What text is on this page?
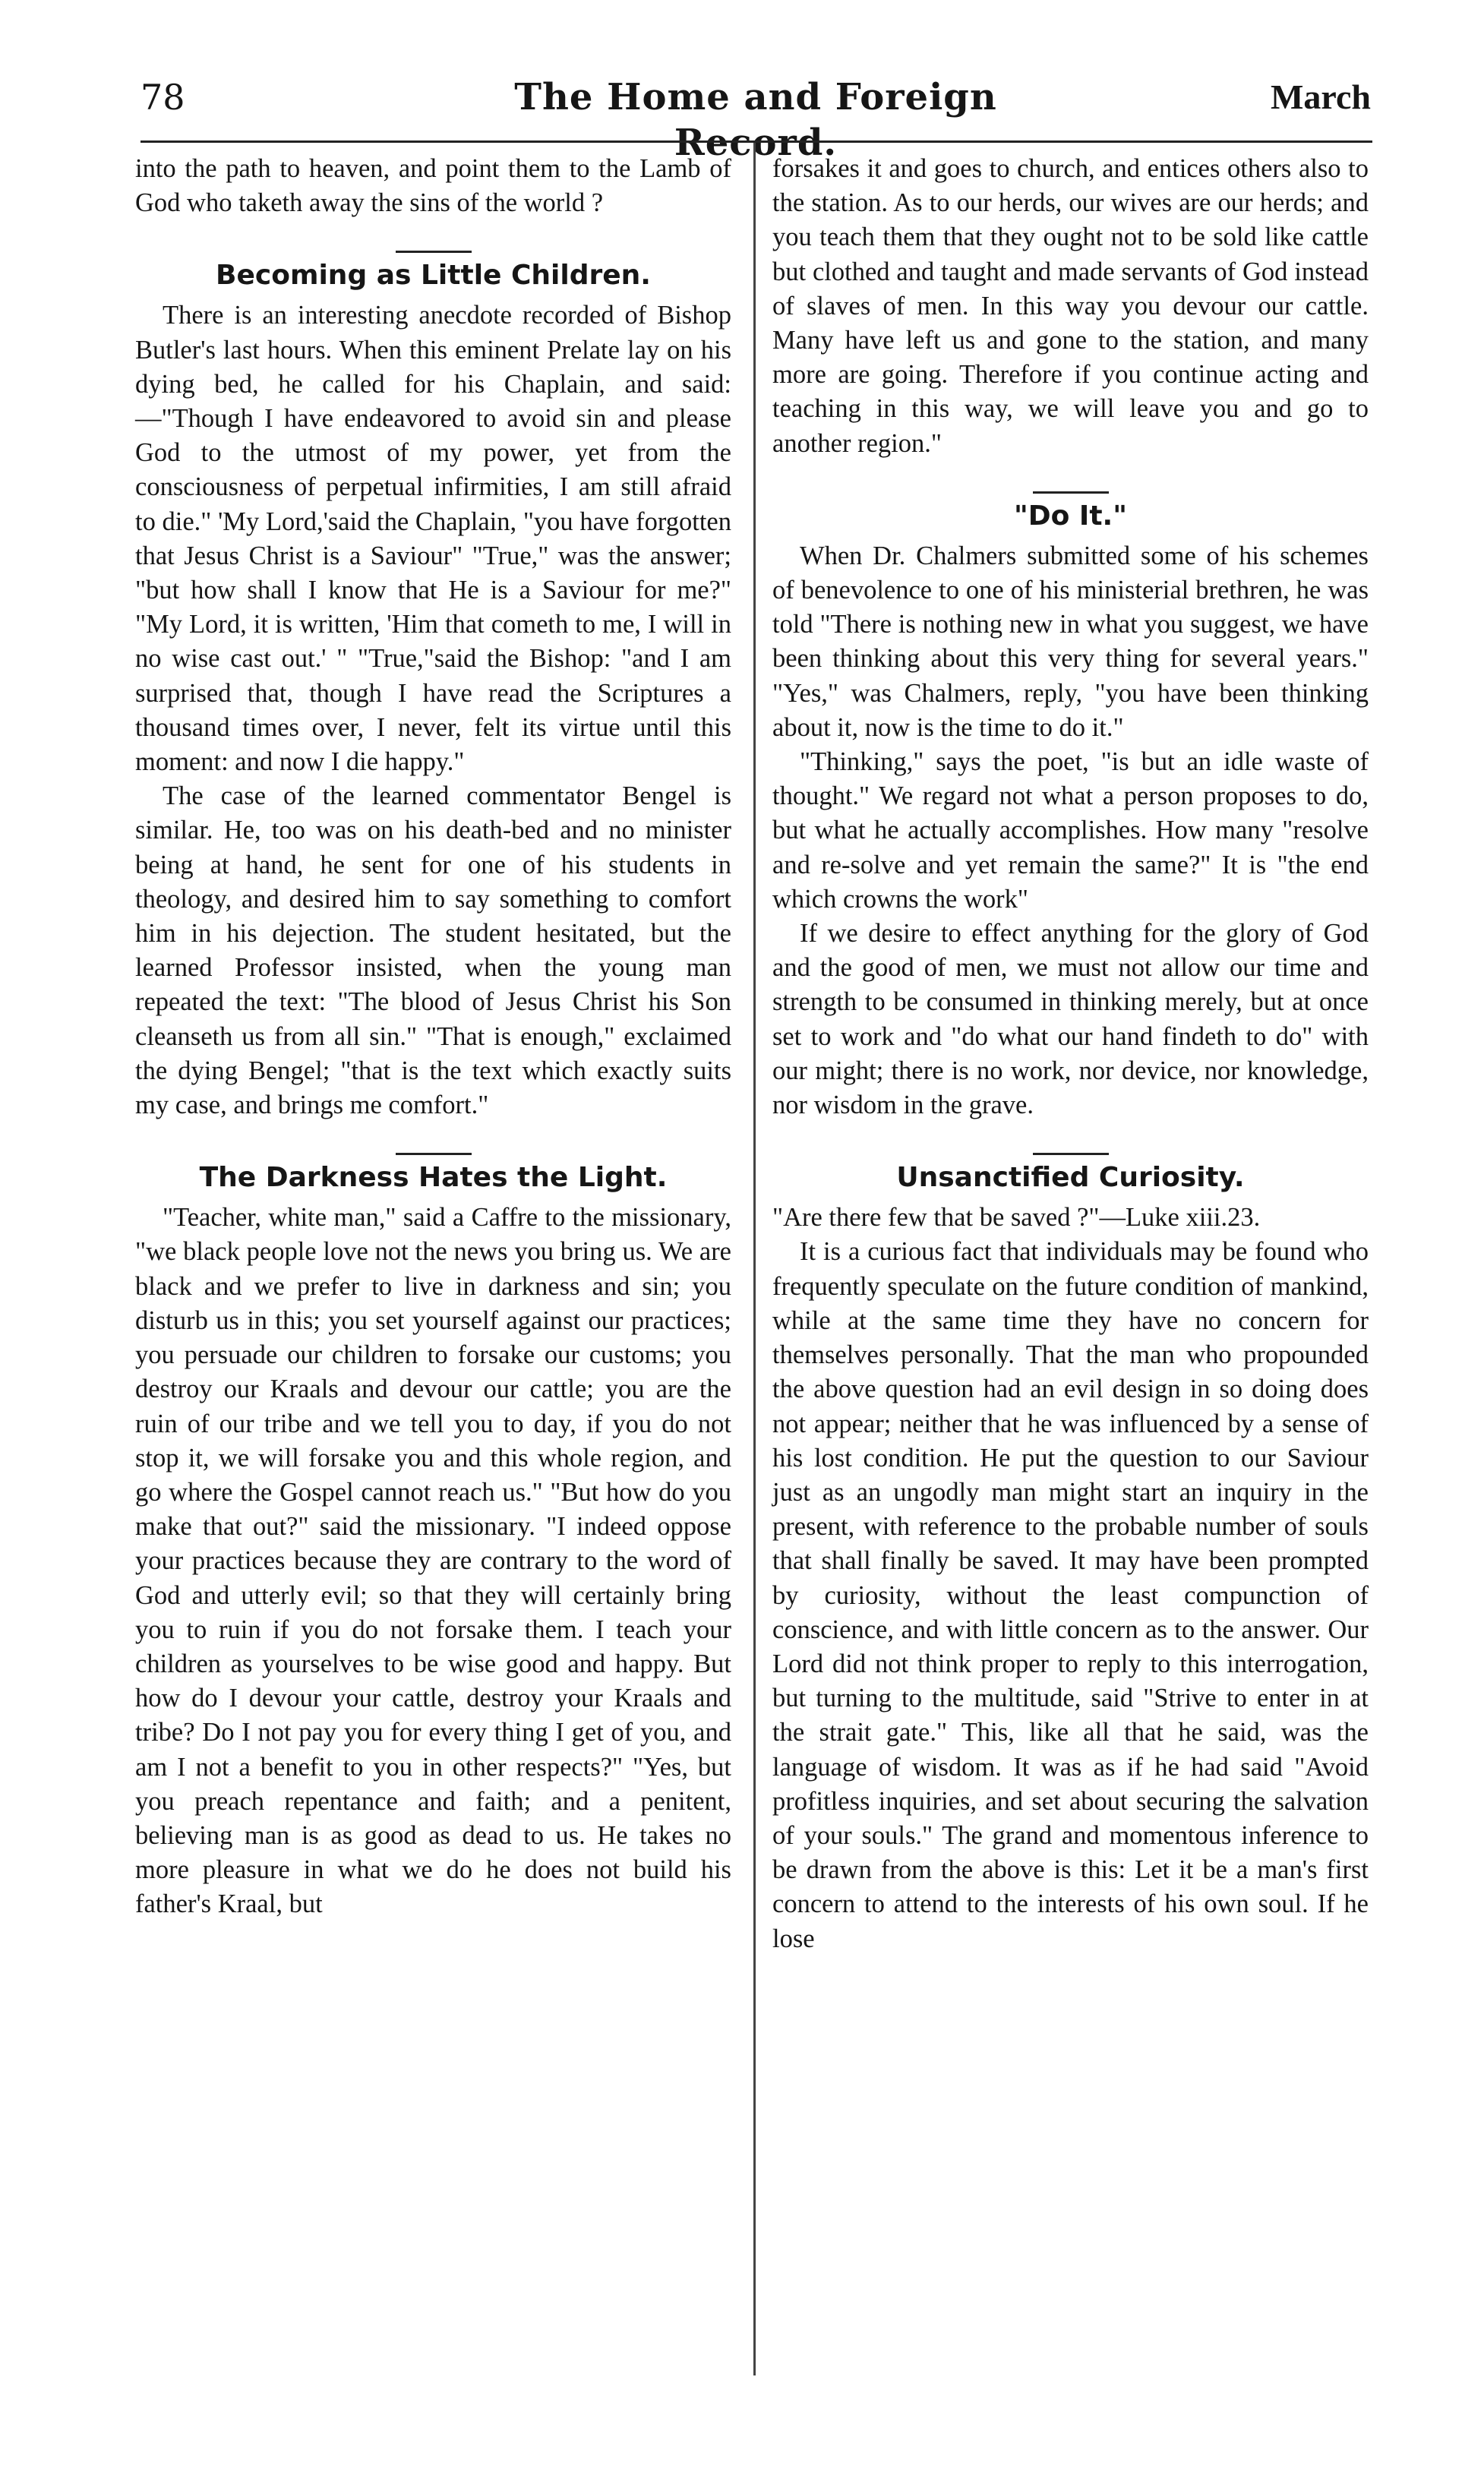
78	The Home and Foreign Record.
March

into the path to heaven, and point them to the Lamb of God who taketh away the sins of the world ?

Becoming as Little Children.

There is an interesting anecdote recorded of Bishop Butler's last hours. When this eminent Prelate lay on his dying bed, he called for his Chaplain, and said:—"Though I have endeavored to avoid sin and please God to the utmost of my power, yet from the consciousness of perpetual infirmities, I am still afraid to die." 'My Lord,'said the Chaplain, "you have forgotten that Jesus Christ is a Saviour" "True," was the answer; "but how shall I know that He is a Saviour for me?" "My Lord, it is written, 'Him that cometh to me, I will in no wise cast out.' " "True,"said the Bishop: "and I am surprised that, though I have read the Scriptures a thousand times over, I never, felt its virtue until this moment: and now I die happy."

The case of the learned commentator Bengel is similar. He, too was on his death-bed and no minister being at hand, he sent for one of his students in theology, and desired him to say something to comfort him in his dejection. The student hesitated, but the learned Professor insisted, when the young man repeated the text: "The blood of Jesus Christ his Son cleanseth us from all sin." "That is enough," exclaimed the dying Bengel; "that is the text which exactly suits my case, and brings me comfort."

The Darkness Hates the Light.

"Teacher, white man," said a Caffre to the missionary, "we black people love not the news you bring us. We are black and we prefer to live in darkness and sin; you disturb us in this; you set yourself against our practices; you persuade our children to forsake our customs; you destroy our Kraals and devour our cattle; you are the ruin of our tribe and we tell you to day, if you do not stop it, we will forsake you and this whole region, and go where the Gospel cannot reach us." "But how do you make that out?" said the missionary. "I indeed oppose your practices because they are contrary to the word of God and utterly evil; so that they will certainly bring you to ruin if you do not forsake them. I teach your children as yourselves to be wise good and happy. But how do I devour your cattle, destroy your Kraals and tribe? Do I not pay you for every thing I get of you, and am I not a benefit to you in other respects?" "Yes, but you preach repentance and faith; and a penitent, believing man is as good as dead to us. He takes no more pleasure in what we do he does not build his father's Kraal, but

forsakes it and goes to church, and entices others also to the station. As to our herds, our wives are our herds; and you teach them that they ought not to be sold like cattle but clothed and taught and made servants of God instead of slaves of men. In this way you devour our cattle. Many have left us and gone to the station, and many more are going. Therefore if you continue acting and teaching in this way, we will leave you and go to another region."

"Do It."

When Dr. Chalmers submitted some of his schemes of benevolence to one of his ministerial brethren, he was told "There is nothing new in what you suggest, we have been thinking about this very thing for several years." "Yes," was Chalmers, reply, "you have been thinking about it, now is the time to do it."

"Thinking," says the poet, "is but an idle waste of thought." We regard not what a person proposes to do, but what he actually accomplishes. How many "resolve and re-solve and yet remain the same?" It is "the end which crowns the work"

If we desire to effect anything for the glory of God and the good of men, we must not allow our time and strength to be consumed in thinking merely, but at once set to work and "do what our hand findeth to do" with our might; there is no work, nor device, nor knowledge, nor wisdom in the grave.

Unsanctified Curiosity.

"Are there few that be saved ?"—Luke xiii.23.

It is a curious fact that individuals may be found who frequently speculate on the future condition of mankind, while at the same time they have no concern for themselves personally. That the man who propounded the above question had an evil design in so doing does not appear; neither that he was influenced by a sense of his lost condition. He put the question to our Saviour just as an ungodly man might start an inquiry in the present, with reference to the probable number of souls that shall finally be saved. It may have been prompted by curiosity, without the least compunction of conscience, and with little concern as to the answer. Our Lord did not think proper to reply to this interrogation, but turning to the multitude, said "Strive to enter in at the strait gate." This, like all that he said, was the language of wisdom. It was as if he had said "Avoid profitless inquiries, and set about securing the salvation of your souls." The grand and momentous inference to be drawn from the above is this: Let it be a man's first concern to attend to the interests of his own soul. If he lose
